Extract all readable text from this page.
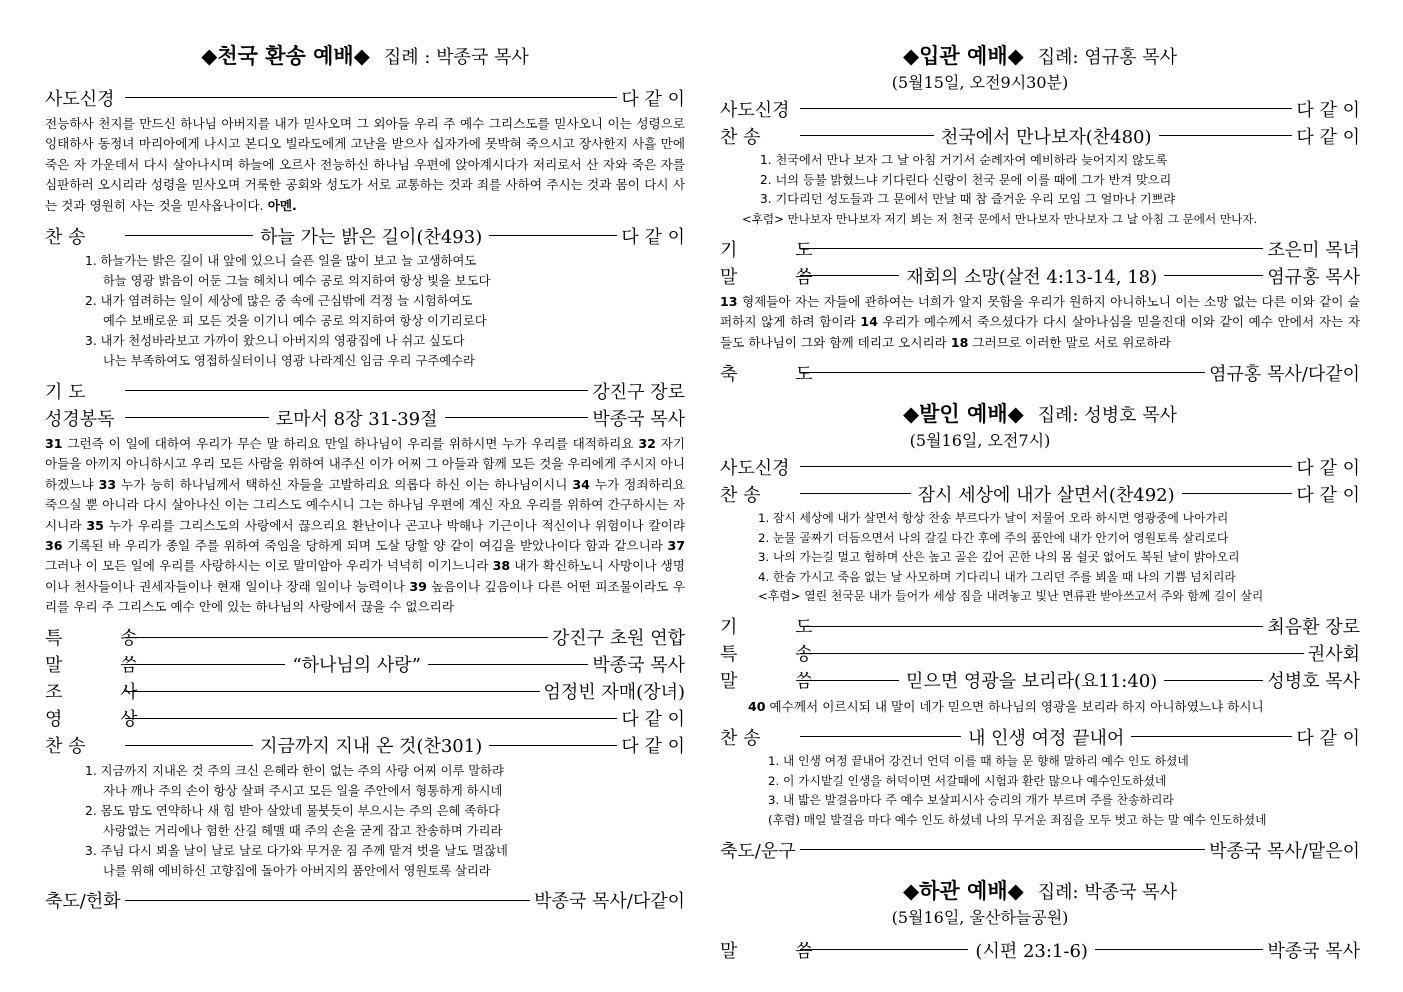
◆천국 환송 예배◆ 집례 : 박종국 목사
사도신경	다 같 이
전능하사 천지를 만드신 하나님 아버지를 내가 믿사오며 그 외아들 우리 주 예수 그리스도를 믿사오니 이는 성령으로 잉태하사 동정녀 마리아에게 나시고 본디오 빌라도에게 고난을 받으사 십자가에 못박혀 죽으시고 장사한지 사흘 만에 죽은 자 가운데서 다시 살아나시며 하늘에 오르사 전능하신 하나님 우편에 앉아계시다가 저리로서 산 자와 죽은 자를 심판하러 오시리라 성령을 믿사오며 거룩한 공회와 성도가 서로 교통하는 것과 죄를 사하여 주시는 것과 몸이 다시 사는 것과 영원히 사는 것을 믿사옵나이다. 아멘.
찬 송	하늘 가는 밝은 길이(찬493)	다 같 이
1. 하늘가는 밝은 길이 내 앞에 있으니 슬픈 일을 많이 보고 늘 고생하여도
하늘 영광 밝음이 어둔 그늘 헤치니 예수 공로 의지하여 항상 빛을 보도다
2. 내가 염려하는 일이 세상에 많은 중 속에 근심밖에 걱정 늘 시험하여도
예수 보배로운 피 모든 것을 이기니 예수 공로 의지하여 항상 이기리로다
3. 내가 천성바라보고 가까이 왔으니 아버지의 영광집에 나 쉬고 싶도다
나는 부족하여도 영접하실터이니 영광 나라계신 임금 우리 구주예수라
기 도	강진구 장로
성경봉독	로마서 8장 31-39절	박종국 목사
31 그런즉 이 일에 대하여 우리가 무슨 말 하리요 만일 하나님이 우리를 위하시면 누가 우리를 대적하리요 32 자기 아들을 아끼지 아니하시고 우리 모든 사람을 위하여 내주신 이가 어찌 그 아들과 함께 모든 것을 우리에게 주시지 아니하겠느냐 33 누가 능히 하나님께서 택하신 자들을 고발하리요 의롭다 하신 이는 하나님이시니 34 누가 정죄하리요 죽으실 뿐 아니라 다시 살아나신 이는 그리스도 예수시니 그는 하나님 우편에 계신 자요 우리를 위하여 간구하시는 자시니라 35 누가 우리를 그리스도의 사랑에서 끊으리요 환난이나 곤고나 박해나 기근이나 적신이나 위험이나 칼이랴 36 기록된 바 우리가 종일 주를 위하여 죽임을 당하게 되며 도살 당할 양 같이 여김을 받았나이다 함과 같으니라 37 그러나 이 모든 일에 우리를 사랑하시는 이로 말미암아 우리가 넉넉히 이기느니라 38 내가 확신하노니 사망이나 생명이나 천사들이나 권세자들이나 현재 일이나 장래 일이나 능력이나 39 높음이나 깊음이나 다른 어떤 피조물이라도 우리를 우리 주 그리스도 예수 안에 있는 하나님의 사랑에서 끊을 수 없으리라
특 송	강진구 초원 연합
말 씀	“하나님의 사랑”	박종국 목사
조 사	엄정빈 자매(장녀)
영 상	다 같 이
찬 송	지금까지 지내 온 것(찬301)	다 같 이
1. 지금까지 지내온 것 주의 크신 은혜라 한이 없는 주의 사랑 어찌 이루 말하랴
자나 깨나 주의 손이 항상 살펴 주시고 모든 일을 주안에서 형통하게 하시네
2. 몸도 맘도 연약하나 새 힘 받아 살았네 물붓듯이 부으시는 주의 은혜 족하다
사랑없는 거리에나 험한 산길 헤맬 때 주의 손을 굳게 잡고 찬송하며 가리라
3. 주님 다시 뵈올 날이 날로 날로 다가와 무거운 짐 주께 맡겨 벗을 날도 멀잖네
나를 위해 예비하신 고향집에 돌아가 아버지의 품안에서 영원토록 살리라
축도/헌화	박종국 목사/다같이
◆입관 예배◆ 집례: 염규홍 목사
(5월15일, 오전9시30분)
사도신경	다 같 이
찬 송	천국에서 만나보자(찬480)	다 같 이
1. 천국에서 만나 보자 그 날 아침 거기서 순례자여 예비하라 늦어지지 않도록
2. 너의 등불 밝혔느냐 기다린다 신랑이 천국 문에 이를 때에 그가 반겨 맞으리
3. 기다리던 성도들과 그 문에서 만날 때 참 즐거운 우리 모임 그 얼마나 기쁘랴
<후렴> 만나보자 만나보자 저기 뵈는 저 천국 문에서 만나보자 만나보자 그 날 아침 그 문에서 만나자.
기 도	조은미 목녀
말 씀	재회의 소망(살전 4:13-14, 18)	염규홍 목사
13 형제들아 자는 자들에 관하여는 너희가 알지 못함을 우리가 원하지 아니하노니 이는 소망 없는 다른 이와 같이 슬퍼하지 않게 하려 함이라 14 우리가 예수께서 죽으셨다가 다시 살아나심을 믿을진대 이와 같이 예수 안에서 자는 자들도 하나님이 그와 함께 데리고 오시리라 18 그러므로 이러한 말로 서로 위로하라
축 도	염규홍 목사/다같이
◆발인 예배◆ 집례: 성병호 목사
(5월16일, 오전7시)
사도신경	다 같 이
찬 송	잠시 세상에 내가 살면서(찬492)	다 같 이
1. 잠시 세상에 내가 살면서 항상 찬송 부르다가 날이 저물어 오라 하시면 영광중에 나아가리
2. 눈물 골짜기 더듬으면서 나의 갈길 다간 후에 주의 품안에 내가 안기어 영원토록 살리로다
3. 나의 가는길 멀고 험하며 산은 높고 골은 깊어 곤한 나의 몸 쉴곳 없어도 복된 날이 밝아오리
4. 한숨 가시고 죽음 없는 날 사모하며 기다리니 내가 그리던 주를 뵈올 때 나의 기쁨 넘치리라
<후렴> 열린 천국문 내가 들어가 세상 짐을 내려놓고 빛난 면류관 받아쓰고서 주와 함께 길이 살리
기 도	최음환 장로
특 송	권사회
말 씀	믿으면 영광을 보리라(요11:40)	성병호 목사
40 예수께서 이르시되 내 말이 네가 믿으면 하나님의 영광을 보리라 하지 아니하였느냐 하시니
찬 송	내 인생 여정 끝내어	다 같 이
1. 내 인생 여정 끝내어 강건너 언덕 이를 때 하늘 문 향해 말하리 예수 인도 하셨네
2. 이 가시밭길 인생을 허덕이면 서갈때에 시험과 환란 많으나 예수인도하셨네
3. 내 밟은 발걸음마다 주 예수 보살피시사 승리의 개가 부르며 주를 찬송하리라
(후렴) 매일 발걸음 마다 예수 인도 하셨네 나의 무거운 죄짐을 모두 벗고 하는 말 예수 인도하셨네
축도/운구	박종국 목사/맡은이
◆하관 예배◆ 집례: 박종국 목사
(5월16일, 울산하늘공원)
말 씀	(시편 23:1-6)	박종국 목사
